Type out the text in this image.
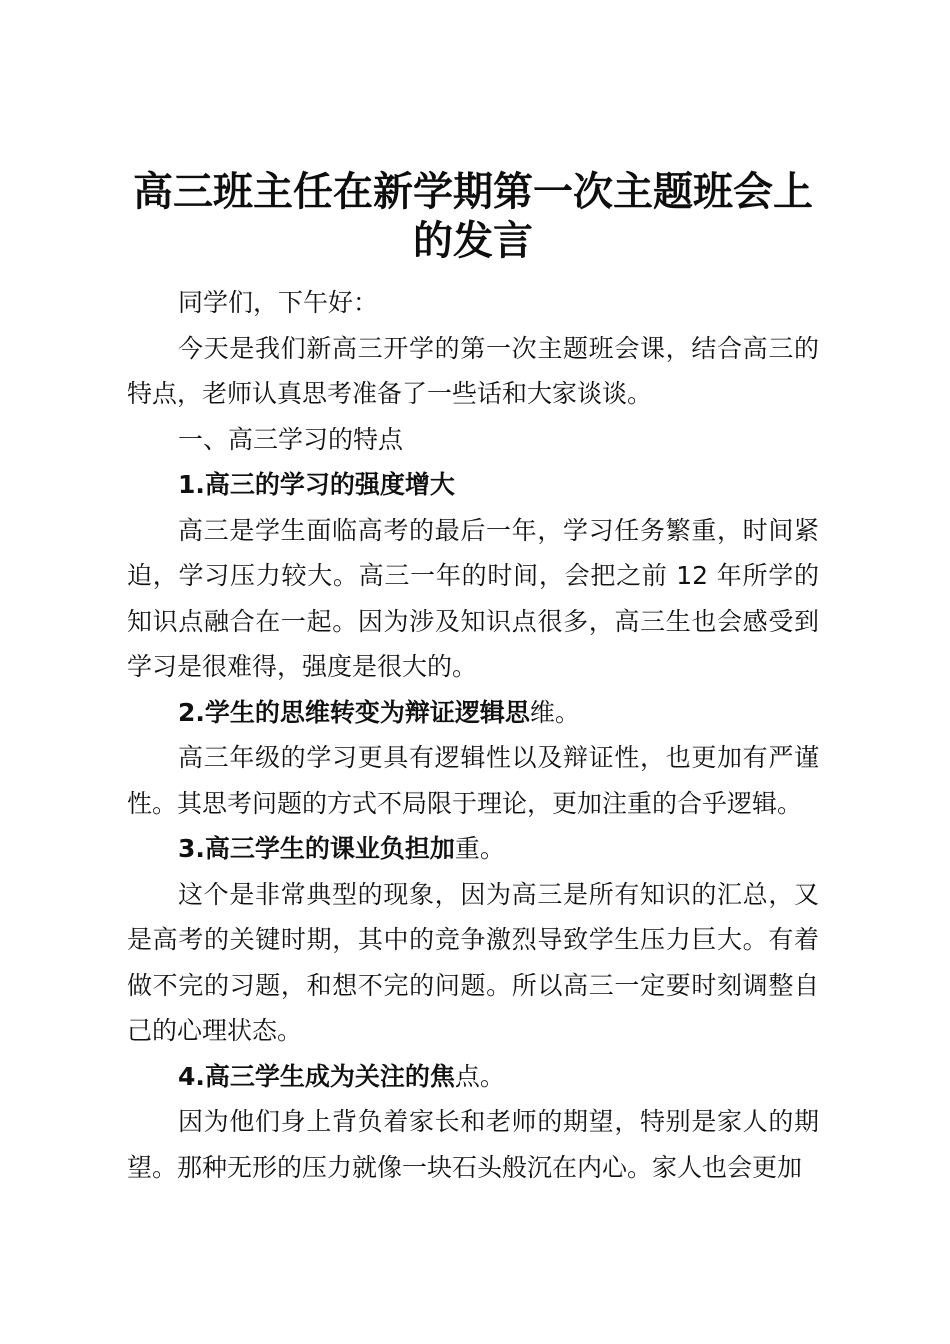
高三班主任在新学期第一次主题班会上
的发言

同学们，下午好：

今天是我们新高三开学的第一次主题班会课，结合高三的特点，老师认真思考准备了一些话和大家谈谈。

一、高三学习的特点

1.高三的学习的强度增大

高三是学生面临高考的最后一年，学习任务繁重，时间紧迫，学习压力较大。高三一年的时间，会把之前 12 年所学的知识点融合在一起。因为涉及知识点很多，高三生也会感受到学习是很难得，强度是很大的。

2.学生的思维转变为辩证逻辑思维。

高三年级的学习更具有逻辑性以及辩证性，也更加有严谨性。其思考问题的方式不局限于理论，更加注重的合乎逻辑。

3.高三学生的课业负担加重。

这个是非常典型的现象，因为高三是所有知识的汇总，又是高考的关键时期，其中的竞争激烈导致学生压力巨大。有着做不完的习题，和想不完的问题。所以高三一定要时刻调整自己的心理状态。

4.高三学生成为关注的焦点。

因为他们身上背负着家长和老师的期望，特别是家人的期望。那种无形的压力就像一块石头般沉在内心。家人也会更加
